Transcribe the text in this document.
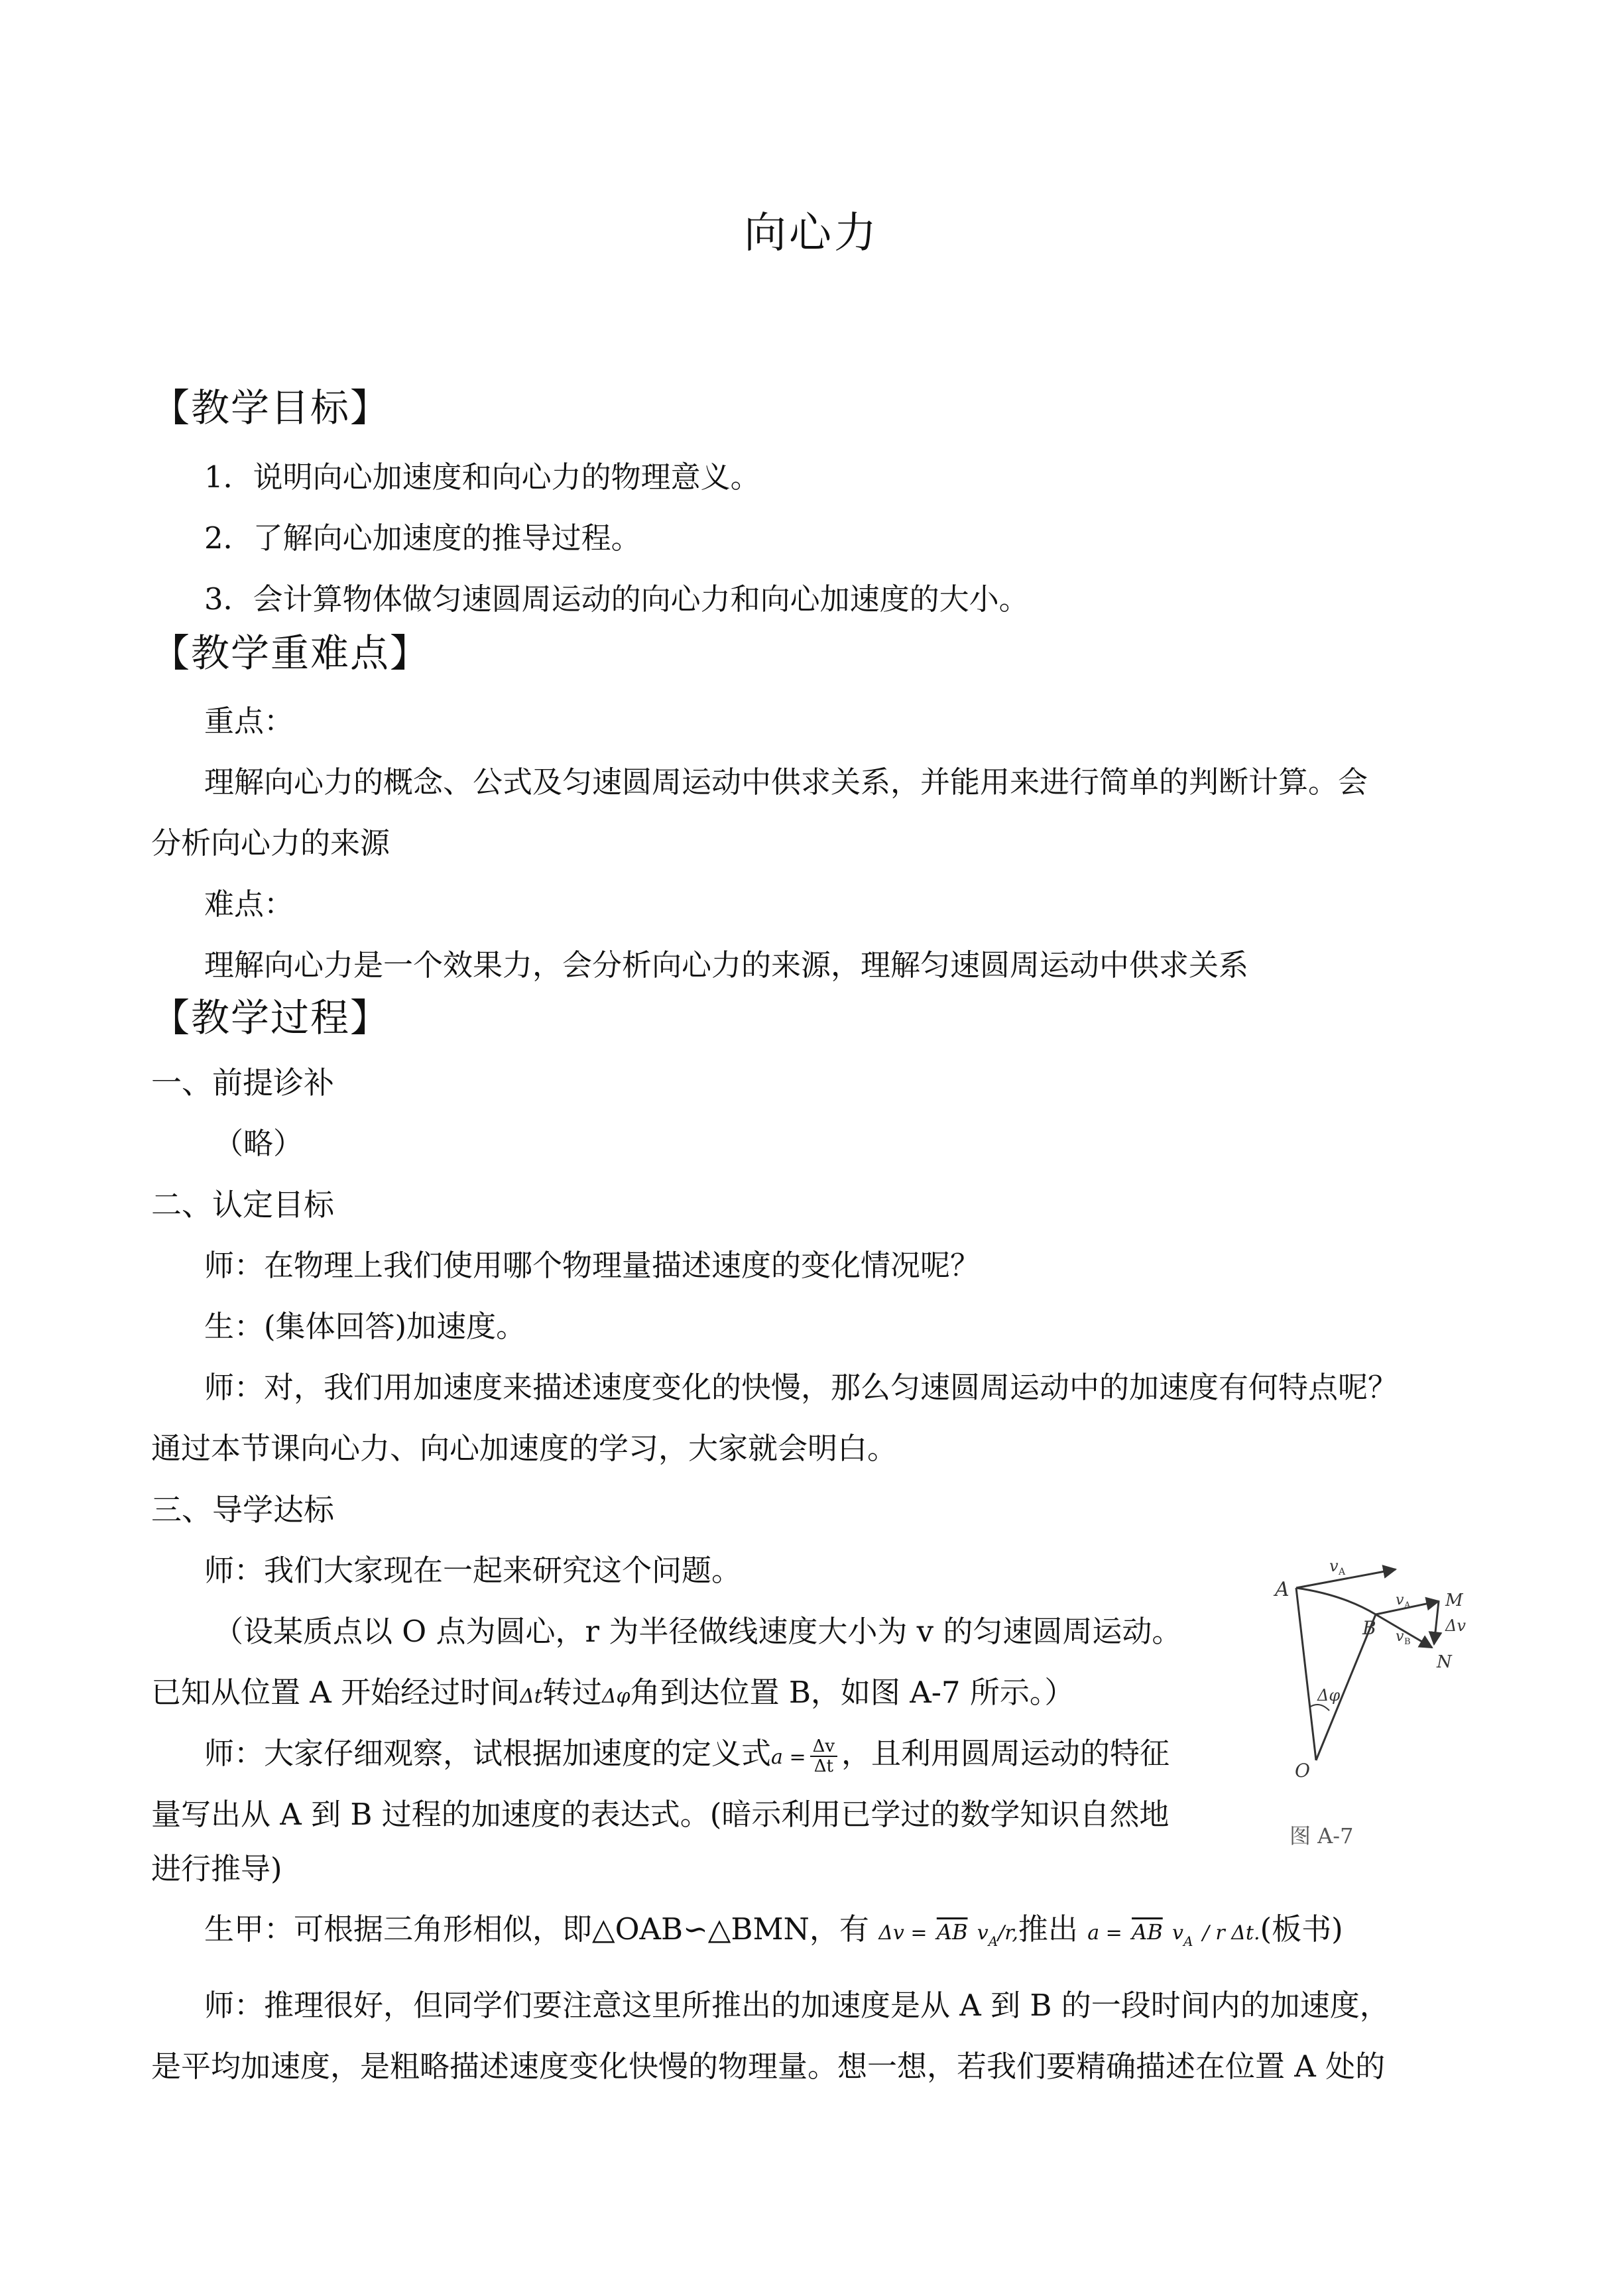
向心力
【教学目标】
1．说明向心加速度和向心力的物理意义。
2．了解向心加速度的推导过程。
3．会计算物体做匀速圆周运动的向心力和向心加速度的大小。
【教学重难点】
重点：
理解向心力的概念、公式及匀速圆周运动中供求关系，并能用来进行简单的判断计算。会
分析向心力的来源
难点：
理解向心力是一个效果力，会分析向心力的来源，理解匀速圆周运动中供求关系
【教学过程】
一、前提诊补
（略）
二、认定目标
师：在物理上我们使用哪个物理量描述速度的变化情况呢？
生：(集体回答)加速度。
师：对，我们用加速度来描述速度变化的快慢，那么匀速圆周运动中的加速度有何特点呢？
通过本节课向心力、向心加速度的学习，大家就会明白。
三、导学达标
师：我们大家现在一起来研究这个问题。
（设某质点以 O 点为圆心，r 为半径做线速度大小为 v 的匀速圆周运动。
已知从位置 A 开始经过时间Δt转过Δφ角到达位置 B，如图 A-7 所示。）
师：大家仔细观察，试根据加速度的定义式$a = \frac{\Delta v}{\Delta t}$ ，且利用圆周运动的特征
量写出从 A 到 B 过程的加速度的表达式。(暗示利用已学过的数学知识自然地
进行推导)
生甲：可根据三角形相似，即△OAB∽△BMN，有 $\Delta v = \overline{AB}$ $v_A/r$,推出 $a = \overline{AB}$ $v_A$ / r Δt.(板书)
师：推理很好，但同学们要注意这里所推出的加速度是从 A 到 B 的一段时间内的加速度，
是平均加速度，是粗略描述速度变化快慢的物理量。想一想，若我们要精确描述在位置 A 处的
A
B
O
M
N
v A
v A
v B
Δv
Δφ
图 A-7
